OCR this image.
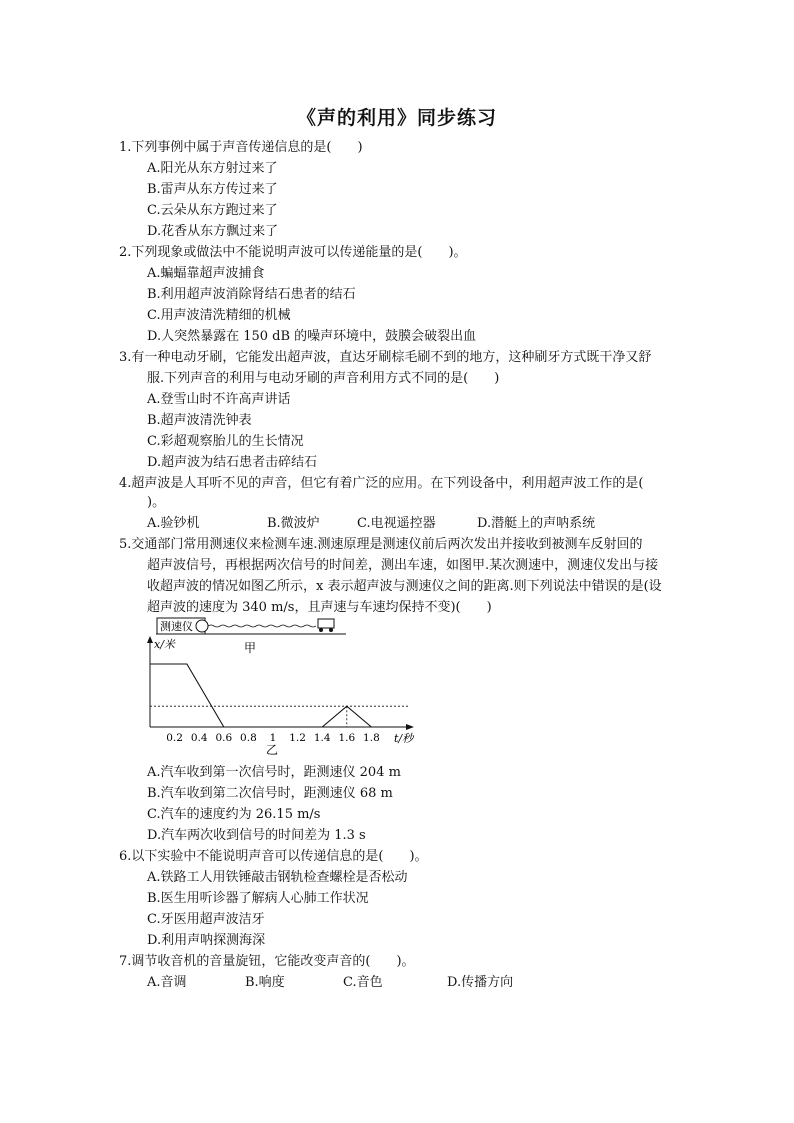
《声的利用》同步练习
1.下列事例中属于声音传递信息的是(　　)
A.阳光从东方射过来了
B.雷声从东方传过来了
C.云朵从东方跑过来了
D.花香从东方飘过来了
2.下列现象或做法中不能说明声波可以传递能量的是(　　)。
A.蝙蝠靠超声波捕食
B.利用超声波消除肾结石患者的结石
C.用声波清洗精细的机械
D.人突然暴露在 150 dB 的噪声环境中，鼓膜会破裂出血
3.有一种电动牙刷，它能发出超声波，直达牙刷棕毛刷不到的地方，这种刷牙方式既干净又舒
服.下列声音的利用与电动牙刷的声音利用方式不同的是(　　)
A.登雪山时不许高声讲话
B.超声波清洗钟表
C.彩超观察胎儿的生长情况
D.超声波为结石患者击碎结石
4.超声波是人耳听不见的声音，但它有着广泛的应用。在下列设备中，利用超声波工作的是(
)。
A.验钞机	B.微波炉	C.电视遥控器	D.潜艇上的声呐系统
5.交通部门常用测速仪来检测车速.测速原理是测速仪前后两次发出并接收到被测车反射回的
超声波信号，再根据两次信号的时间差，测出车速，如图甲.某次测速中，测速仪发出与接
收超声波的情况如图乙所示，x 表示超声波与测速仪之间的距离.则下列说法中错误的是(设
超声波的速度为 340 m/s，且声速与车速均保持不变)(　　)
测速仪
x/米
t/秒
甲
乙
0.2 0.4 0.6 0.8 1 1.2 1.4 1.6 1.8
A.汽车收到第一次信号时，距测速仪 204 m
B.汽车收到第二次信号时，距测速仪 68 m
C.汽车的速度约为 26.15 m/s
D.汽车两次收到信号的时间差为 1.3 s
6.以下实验中不能说明声音可以传递信息的是(　　)。
A.铁路工人用铁锤敲击钢轨检查螺栓是否松动
B.医生用听诊器了解病人心肺工作状况
C.牙医用超声波洁牙
D.利用声呐探测海深
7.调节收音机的音量旋钮，它能改变声音的(　　)。
A.音调	B.响度	C.音色	D.传播方向
